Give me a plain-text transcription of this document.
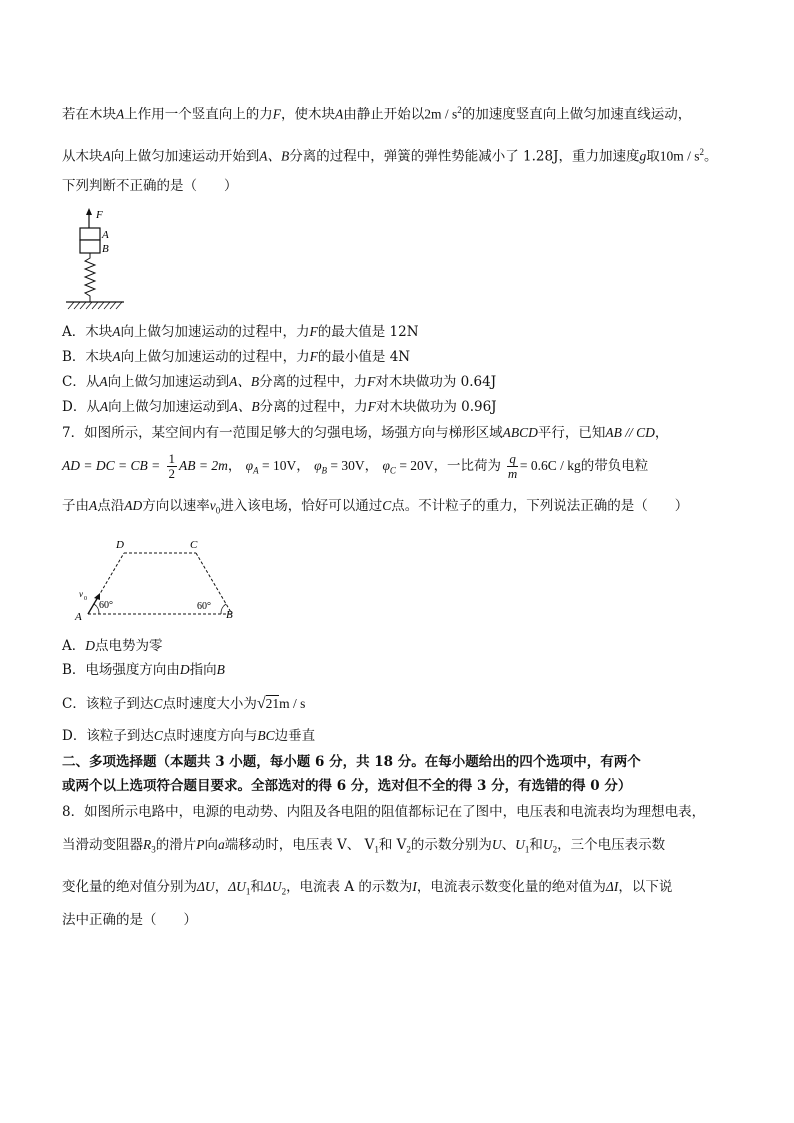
若在木块A上作用一个竖直向上的力F，使木块A由静止开始以$2m / s^2$的加速度竖直向上做匀加速直线运动，
从木块A向上做匀加速运动开始到A、B分离的过程中，弹簧的弹性势能减小了 1.28J，重力加速度g取$10m / s^2$。
下列判断不正确的是（　　）
F
A
B
A．木块A向上做匀加速运动的过程中，力F的最大值是 12N
B．木块A向上做匀加速运动的过程中，力F的最小值是 4N
C．从A向上做匀加速运动到A、B分离的过程中，力F对木块做功为 0.64J
D．从A向上做匀加速运动到A、B分离的过程中，力F对木块做功为 0.96J
7．如图所示，某空间内有一范围足够大的匀强电场，场强方向与梯形区域ABCD平行，已知AB // CD，
AD = DC = CB = $\frac{1}{2}$ AB = 2m， $\varphi_A = 10V$， $\varphi_B = 30V$， $\varphi_C = 20V$，一比荷为 $\frac{q}{m} = 0.6C$ / kg的带负电粒
子由A点沿AD方向以速率$v_0$进入该电场，恰好可以通过C点。不计粒子的重力，下列说法正确的是（　　）
D	C
A	B
v 0
60°	60°
A．D点电势为零
B．电场强度方向由D指向B
C．该粒子到达C点时速度大小为√21m / s
D．该粒子到达C点时速度方向与BC边垂直
二、多项选择题（本题共 3 小题，每小题 6 分，共 18 分。在每小题给出的四个选项中，有两个
或两个以上选项符合题目要求。全部选对的得 6 分，选对但不全的得 3 分，有选错的得 0 分）
8．如图所示电路中，电源的电动势、内阻及各电阻的阻值都标记在了图中，电压表和电流表均为理想电表，
当滑动变阻器$R_3$的滑片P向a端移动时，电压表 V、 $V_1$和 $V_2$的示数分别为U、$U_1$和$U_2$，三个电压表示数
变化量的绝对值分别为ΔU，$\Delta U_1$和$\Delta U_2$，电流表 A 的示数为I，电流表示数变化量的绝对值为ΔI，以下说
法中正确的是（　　）
